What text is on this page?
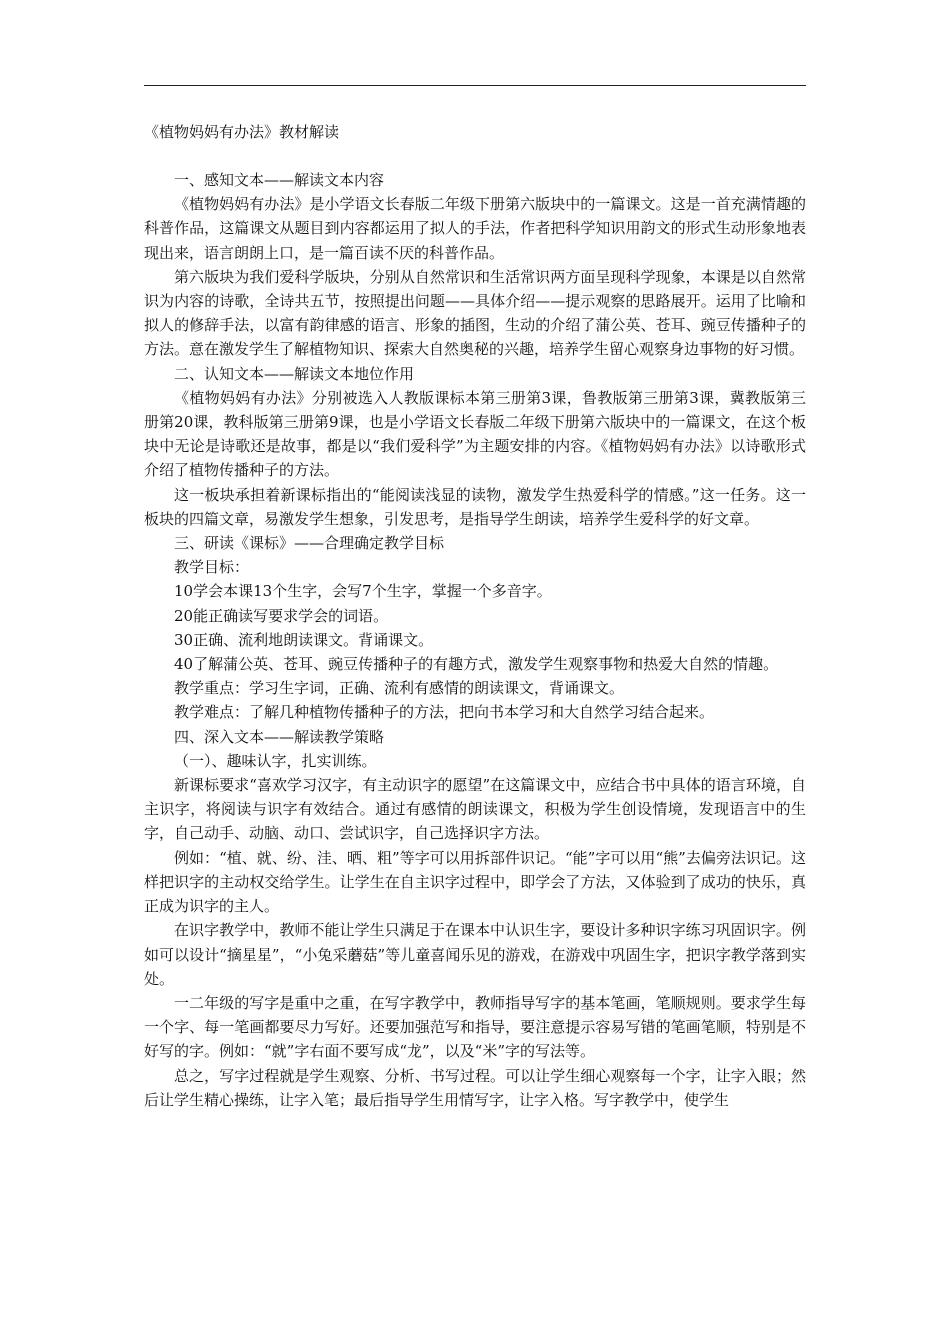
《植物妈妈有办法》教材解读

一、感知文本——解读文本内容

《植物妈妈有办法》是小学语文长春版二年级下册第六版块中的一篇课文。这是一首充满情趣的科普作品，这篇课文从题目到内容都运用了拟人的手法，作者把科学知识用韵文的形式生动形象地表现出来，语言朗朗上口，是一篇百读不厌的科普作品。

第六版块为我们爱科学版块，分别从自然常识和生活常识两方面呈现科学现象，本课是以自然常识为内容的诗歌，全诗共五节，按照提出问题——具体介绍——提示观察的思路展开。运用了比喻和拟人的修辞手法，以富有韵律感的语言、形象的插图，生动的介绍了蒲公英、苍耳、豌豆传播种子的方法。意在激发学生了解植物知识、探索大自然奥秘的兴趣，培养学生留心观察身边事物的好习惯。

二、认知文本——解读文本地位作用

《植物妈妈有办法》分别被选入人教版课标本第三册第3课，鲁教版第三册第3课，冀教版第三册第20课，教科版第三册第9课，也是小学语文长春版二年级下册第六版块中的一篇课文，在这个板块中无论是诗歌还是故事，都是以“我们爱科学”为主题安排的内容。《植物妈妈有办法》以诗歌形式介绍了植物传播种子的方法。

这一板块承担着新课标指出的“能阅读浅显的读物，激发学生热爱科学的情感。”这一任务。这一板块的四篇文章，易激发学生想象，引发思考，是指导学生朗读，培养学生爱科学的好文章。

三、研读《课标》——合理确定教学目标

教学目标：

10学会本课13个生字，会写7个生字，掌握一个多音字。

20能正确读写要求学会的词语。

30正确、流利地朗读课文。背诵课文。

40了解蒲公英、苍耳、豌豆传播种子的有趣方式，激发学生观察事物和热爱大自然的情趣。

教学重点：学习生字词，正确、流利有感情的朗读课文，背诵课文。

教学难点：了解几种植物传播种子的方法，把向书本学习和大自然学习结合起来。

四、深入文本——解读教学策略

（一）、趣味认字，扎实训练。

新课标要求“喜欢学习汉字，有主动识字的愿望”在这篇课文中，应结合书中具体的语言环境，自主识字，将阅读与识字有效结合。通过有感情的朗读课文，积极为学生创设情境，发现语言中的生字，自己动手、动脑、动口、尝试识字，自己选择识字方法。

例如：“植、就、纷、洼、晒、粗”等字可以用拆部件识记。“能”字可以用“熊”去偏旁法识记。这样把识字的主动权交给学生。让学生在自主识字过程中，即学会了方法，又体验到了成功的快乐，真正成为识字的主人。

在识字教学中，教师不能让学生只满足于在课本中认识生字，要设计多种识字练习巩固识字。例如可以设计“摘星星”，“小兔采蘑菇”等儿童喜闻乐见的游戏，在游戏中巩固生字，把识字教学落到实处。

一二年级的写字是重中之重，在写字教学中，教师指导写字的基本笔画，笔顺规则。要求学生每一个字、每一笔画都要尽力写好。还要加强范写和指导，要注意提示容易写错的笔画笔顺，特别是不好写的字。例如：“就”字右面不要写成“龙”，以及“米”字的写法等。

总之，写字过程就是学生观察、分析、书写过程。可以让学生细心观察每一个字，让字入眼；然后让学生精心操练，让字入笔；最后指导学生用情写字，让字入格。写字教学中，使学生
